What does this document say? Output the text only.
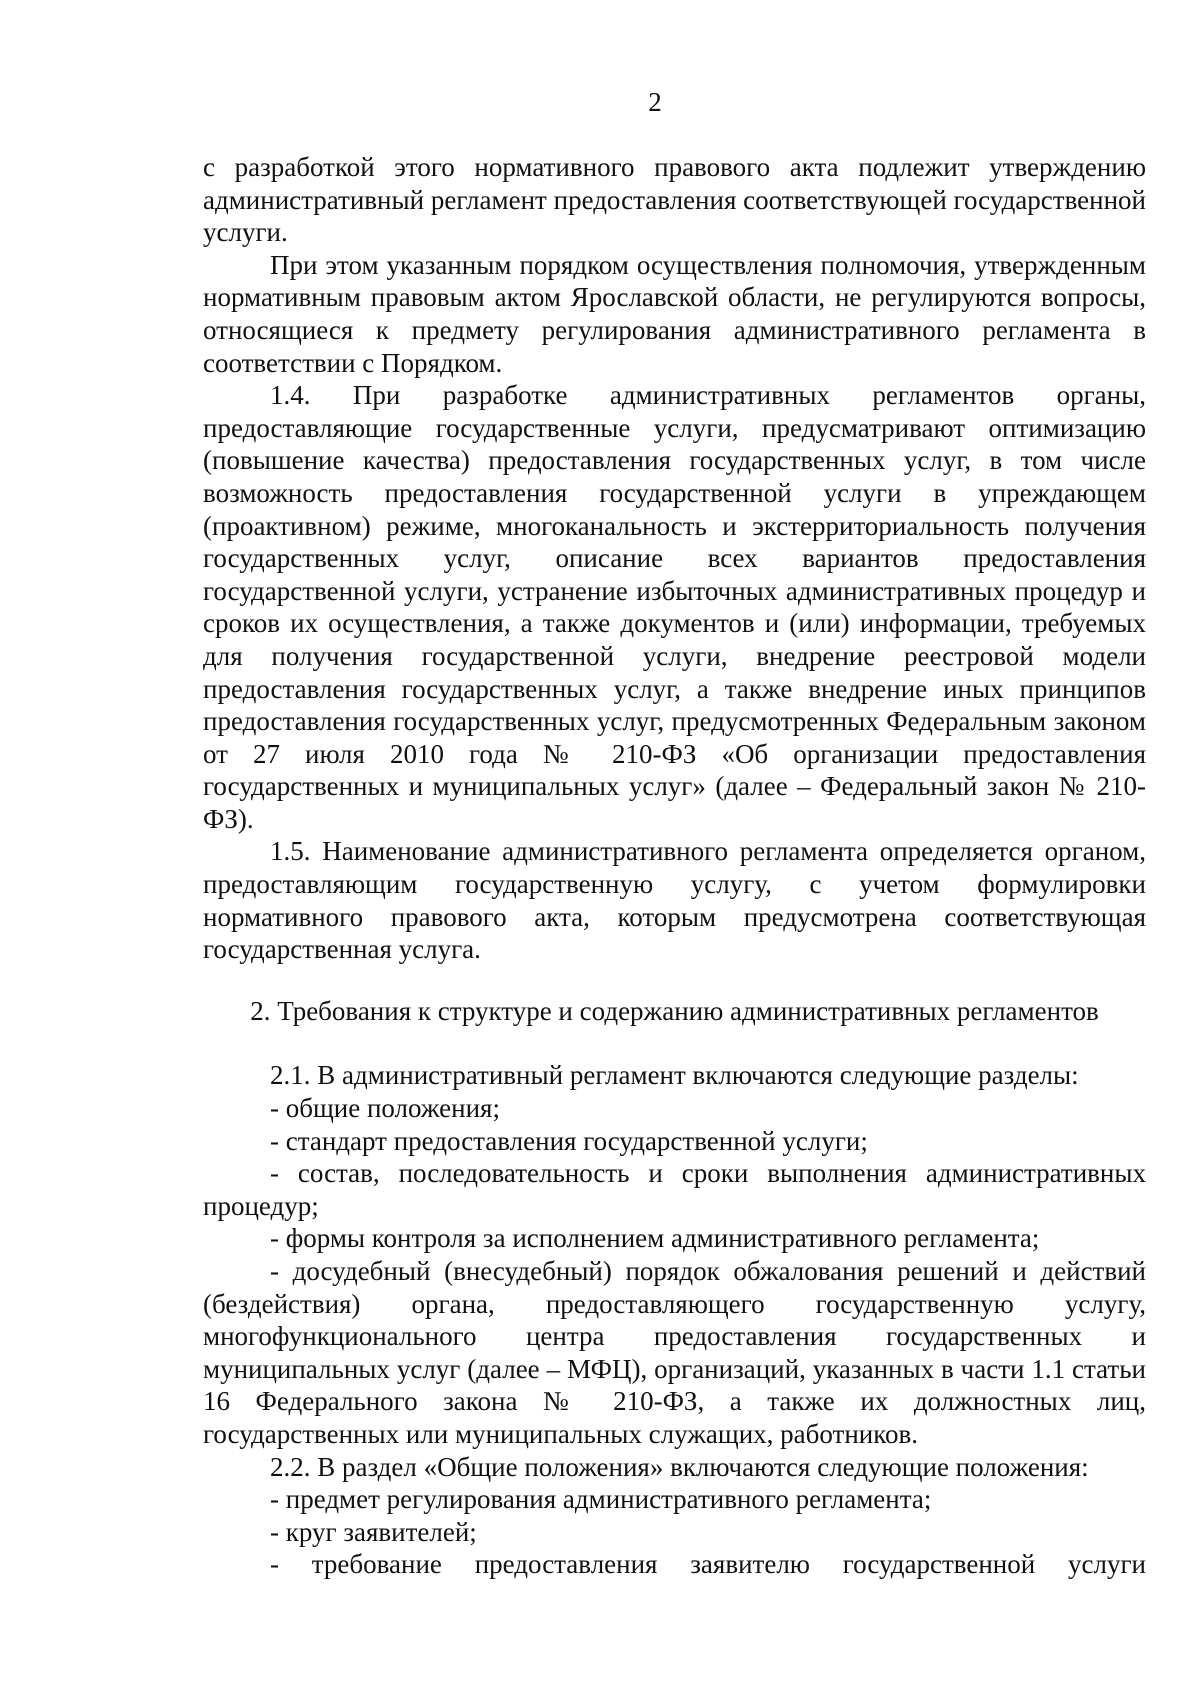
2

с разработкой этого нормативного правового акта подлежит утверждению административный регламент предоставления соответствующей государственной услуги.

При этом указанным порядком осуществления полномочия, утвержденным нормативным правовым актом Ярославской области, не регулируются вопросы, относящиеся к предмету регулирования административного регламента в соответствии с Порядком.

1.4. При разработке административных регламентов органы, предоставляющие государственные услуги, предусматривают оптимизацию (повышение качества) предоставления государственных услуг, в том числе возможность предоставления государственной услуги в упреждающем (проактивном) режиме, многоканальность и экстерриториальность получения государственных услуг, описание всех вариантов предоставления государственной услуги, устранение избыточных административных процедур и сроков их осуществления, а также документов и (или) информации, требуемых для получения государственной услуги, внедрение реестровой модели предоставления государственных услуг, а также внедрение иных принципов предоставления государственных услуг, предусмотренных Федеральным законом от 27 июля 2010 года № 210-ФЗ «Об организации предоставления государственных и муниципальных услуг» (далее – Федеральный закон № 210-ФЗ).

1.5. Наименование административного регламента определяется органом, предоставляющим государственную услугу, с учетом формулировки нормативного правового акта, которым предусмотрена соответствующая государственная услуга.

2. Требования к структуре и содержанию административных регламентов

2.1. В административный регламент включаются следующие разделы:

- общие положения;

- стандарт предоставления государственной услуги;

- состав, последовательность и сроки выполнения административных процедур;

- формы контроля за исполнением административного регламента;

- досудебный (внесудебный) порядок обжалования решений и действий (бездействия) органа, предоставляющего государственную услугу, многофункционального центра предоставления государственных и муниципальных услуг (далее – МФЦ), организаций, указанных в части 1.1 статьи 16 Федерального закона № 210-ФЗ, а также их должностных лиц, государственных или муниципальных служащих, работников.

2.2. В раздел «Общие положения» включаются следующие положения:

- предмет регулирования административного регламента;

- круг заявителей;

- требование предоставления заявителю государственной услуги
